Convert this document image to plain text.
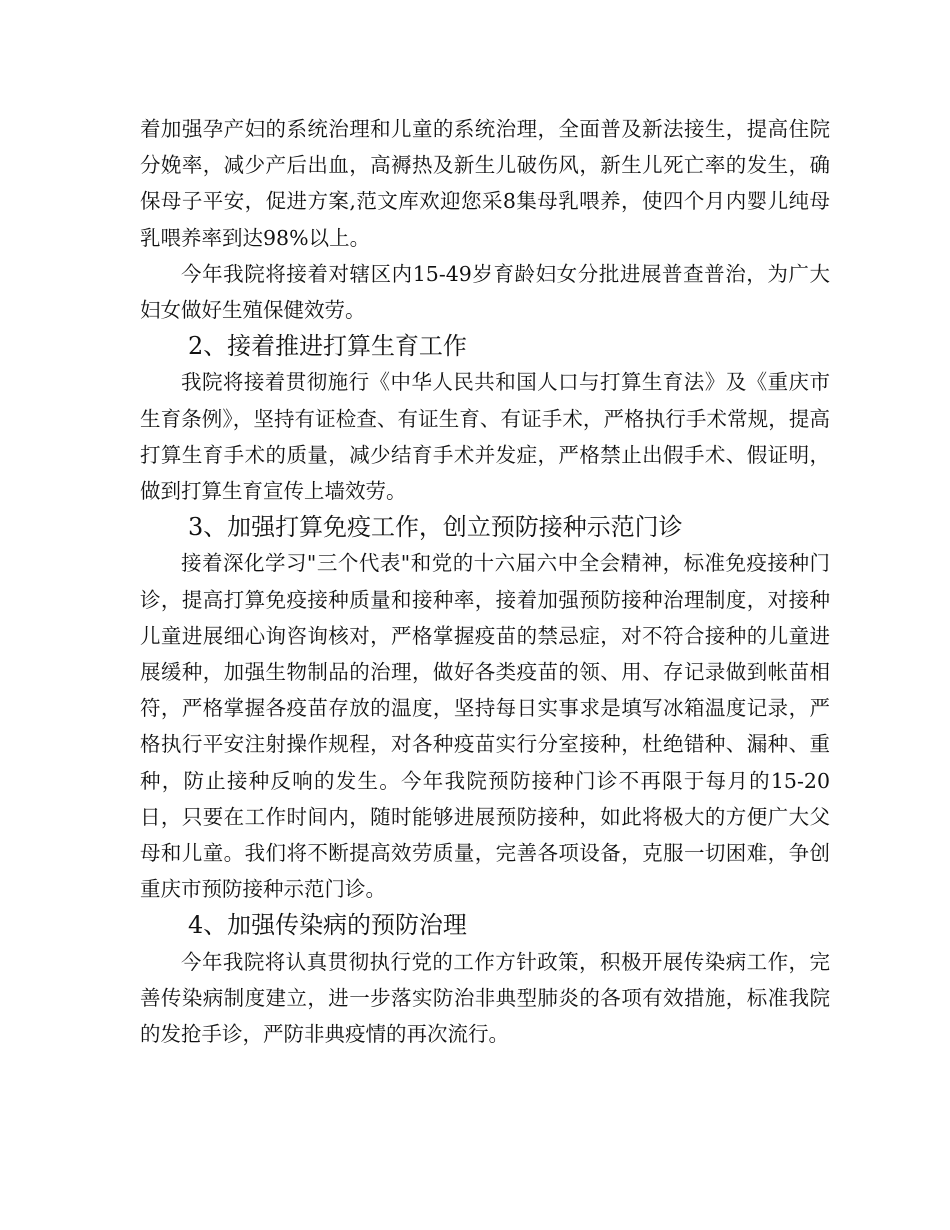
着加强孕产妇的系统治理和儿童的系统治理，全面普及新法接生，提高住院分娩率，减少产后出血，高褥热及新生儿破伤风，新生儿死亡率的发生，确保母子平安，促进方案,范文库欢迎您采8集母乳喂养，使四个月内婴儿纯母乳喂养率到达98%以上。

今年我院将接着对辖区内15-49岁育龄妇女分批进展普查普治，为广大妇女做好生殖保健效劳。

2、接着推进打算生育工作

我院将接着贯彻施行《中华人民共和国人口与打算生育法》及《重庆市生育条例》，坚持有证检查、有证生育、有证手术，严格执行手术常规，提高打算生育手术的质量，减少结育手术并发症，严格禁止出假手术、假证明，做到打算生育宣传上墙效劳。

3、加强打算免疫工作，创立预防接种示范门诊

接着深化学习"三个代表"和党的十六届六中全会精神，标准免疫接种门诊，提高打算免疫接种质量和接种率，接着加强预防接种治理制度，对接种儿童进展细心询咨询核对，严格掌握疫苗的禁忌症，对不符合接种的儿童进展缓种，加强生物制品的治理，做好各类疫苗的领、用、存记录做到帐苗相符，严格掌握各疫苗存放的温度，坚持每日实事求是填写冰箱温度记录，严格执行平安注射操作规程，对各种疫苗实行分室接种，杜绝错种、漏种、重种，防止接种反响的发生。今年我院预防接种门诊不再限于每月的15-20日，只要在工作时间内，随时能够进展预防接种，如此将极大的方便广大父母和儿童。我们将不断提高效劳质量，完善各项设备，克服一切困难，争创重庆市预防接种示范门诊。

4、加强传染病的预防治理

今年我院将认真贯彻执行党的工作方针政策，积极开展传染病工作，完善传染病制度建立，进一步落实防治非典型肺炎的各项有效措施，标准我院的发抢手诊，严防非典疫情的再次流行。
